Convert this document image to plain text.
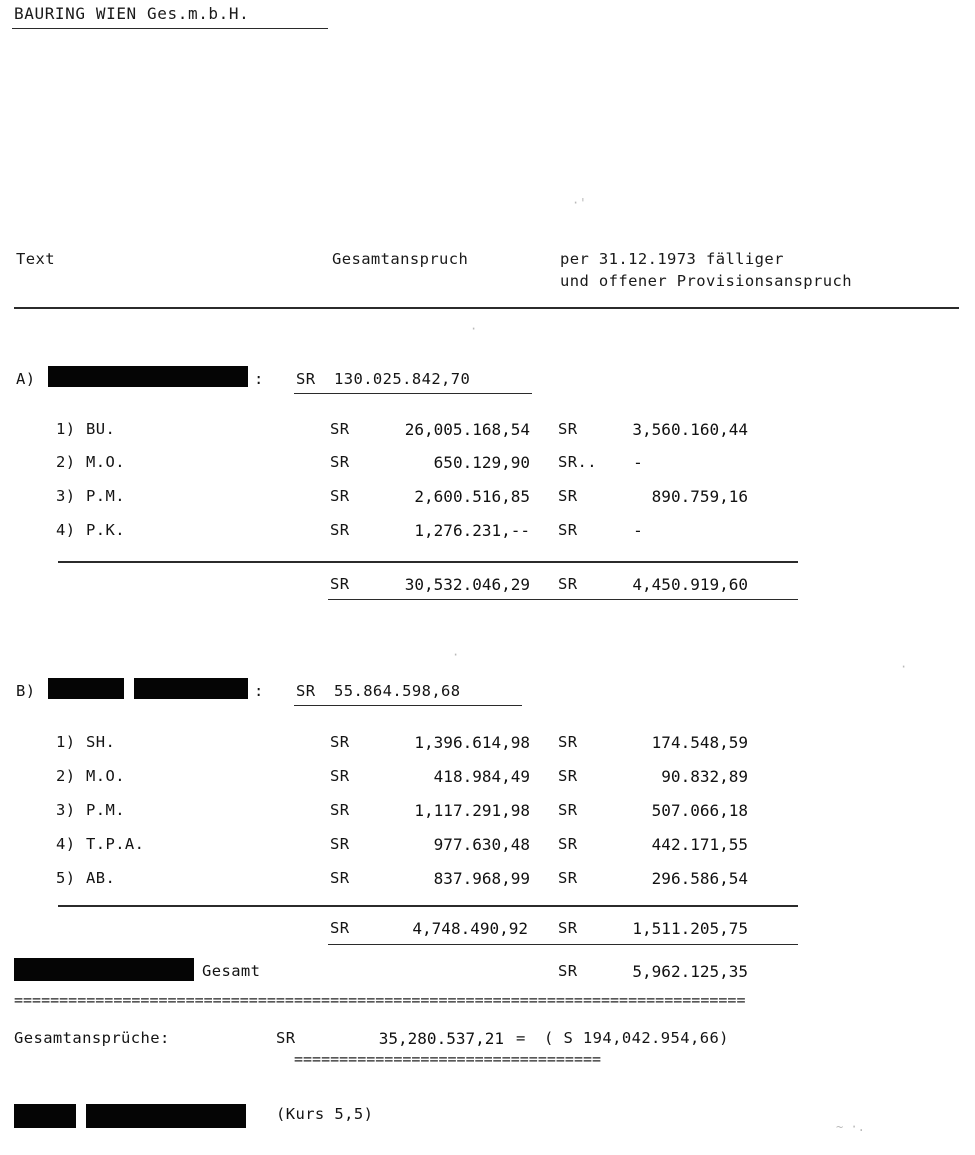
BAURING WIEN Ges.m.b.H.
·'
Text	Gesamtanspruch	per 31.12.1973 fälliger
und offener Provisionsanspruch
·
A)	: SR 130.025.842,70
1) BU.	SR	26,005.168,54 SR	3,560.160,44
2) M.O.	SR	650.129,90 SR..	-
3) P.M.	SR	2,600.516,85 SR	890.759,16
4) P.K.	SR	1,276.231,-- SR	-
SR	30,532.046,29 SR	4,450.919,60
·
·
B)	: SR 55.864.598,68
1) SH.	SR	1,396.614,98 SR	174.548,59
2) M.O.	SR	418.984,49 SR	90.832,89
3) P.M.	SR	1,117.291,98 SR	507.066,18
4) T.P.A.	SR	977.630,48 SR	442.171,55
5) AB.	SR	837.968,99 SR	296.586,54
SR	4,748.490,92 SR	1,511.205,75
Gesamt	SR	5,962.125,35
=================================================================================
Gesamtansprüche:	SR	35,280.537,21 = ( S 194,042.954,66)
==================================
(Kurs 5,5)
~ ·.
